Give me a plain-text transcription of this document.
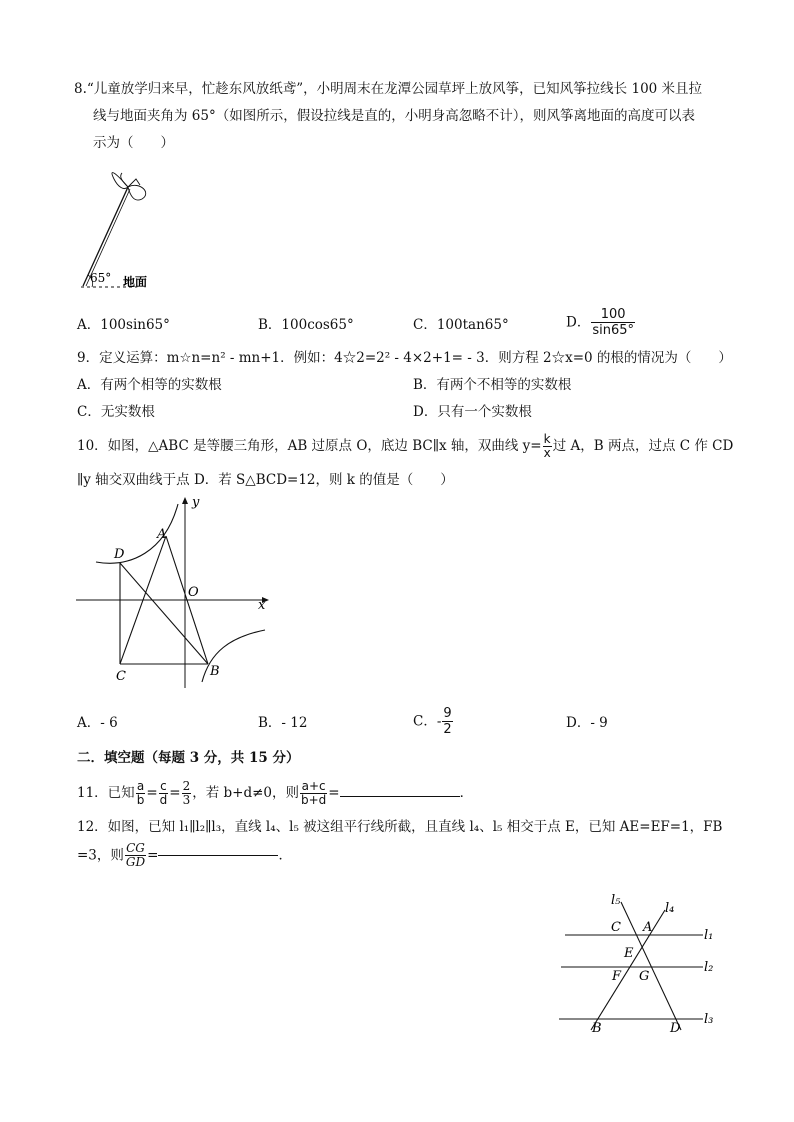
8.“儿童放学归来早，忙趁东风放纸鸢”，小明周末在龙潭公园草坪上放风筝，已知风筝拉线长 100 米且拉
线与地面夹角为 65°（如图所示，假设拉线是直的，小明身高忽略不计），则风筝离地面的高度可以表
示为（　　）
65° 地面
A．100sin65°	B．100cos65°	C．100tan65°	D． $\frac{100}{\sin 65^\circ}$
9．定义运算：m☆n=n² - mn+1．例如：4☆2=2² - 4×2+1= - 3．则方程 2☆x=0 的根的情况为（　　）
A．有两个相等的实数根	B．有两个不相等的实数根
C．无实数根	D．只有一个实数根
10．如图，△ABC 是等腰三角形，AB 过原点 O，底边 BC∥x 轴，双曲线 $y= \frac{k}{x}$ 过 A，B 两点，过点 C 作 CD
∥y 轴交双曲线于点 D．若 S△BCD=12，则 k 的值是（　　）
y
x
A
D
O
C	B
A．- 6	B．- 12	C．- $\frac{9}{2}$	D．- 9
二．填空题（每题 3 分，共 15 分）
11．已知 $\frac{a}{b} = \frac{c}{d} = \frac{2}{3}$ ，若 b+d≠0，则 $\frac{a+c}{b+d}$ =	．
12．如图，已知 l₁∥l₂∥l₃，直线 l₄、l₅ 被这组平行线所截，且直线 l₄、l₅ 相交于点 E，已知 AE=EF=1，FB
=3，则 $\frac{CG}{GD}$ =	．
l₅
l₄
l₁
l₂
l₃
C A
E
F G
B	D
